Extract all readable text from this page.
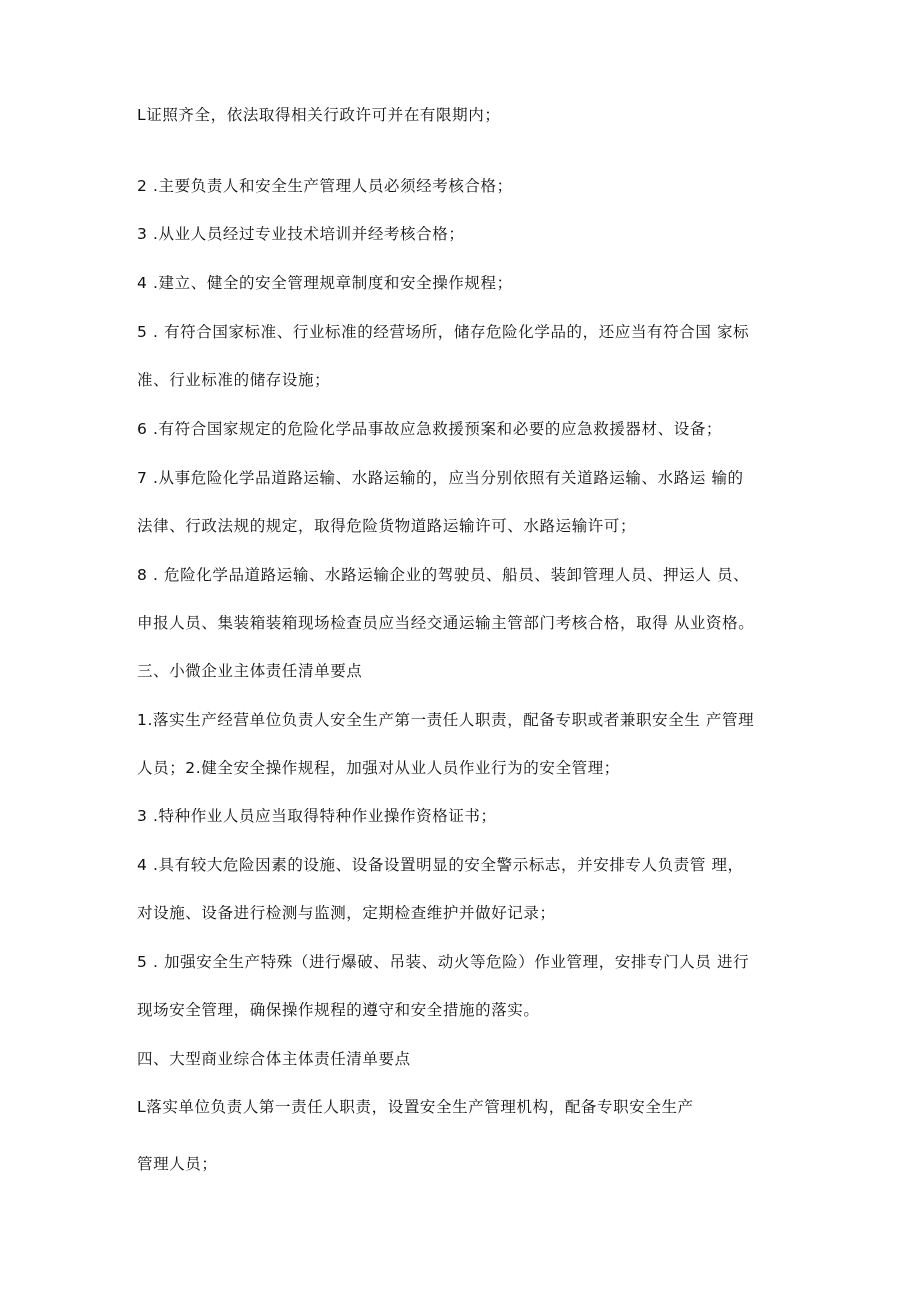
L证照齐全，依法取得相关行政许可并在有限期内；
2 .主要负责人和安全生产管理人员必须经考核合格；
3 .从业人员经过专业技术培训并经考核合格；
4 .建立、健全的安全管理规章制度和安全操作规程；
5 . 有符合国家标准、行业标准的经营场所，储存危险化学品的，还应当有符合国 家标
准、行业标准的储存设施；
6 .有符合国家规定的危险化学品事故应急救援预案和必要的应急救援器材、设备；
7 .从事危险化学品道路运输、水路运输的，应当分别依照有关道路运输、水路运 输的
法律、行政法规的规定，取得危险货物道路运输许可、水路运输许可；
8 . 危险化学品道路运输、水路运输企业的驾驶员、船员、装卸管理人员、押运人 员、
申报人员、集装箱装箱现场检查员应当经交通运输主管部门考核合格，取得 从业资格。
三、小微企业主体责任清单要点
1.落实生产经营单位负责人安全生产第一责任人职责，配备专职或者兼职安全生 产管理
人员；2.健全安全操作规程，加强对从业人员作业行为的安全管理；
3 .特种作业人员应当取得特种作业操作资格证书；
4 .具有较大危险因素的设施、设备设置明显的安全警示标志，并安排专人负责管 理，
对设施、设备进行检测与监测，定期检查维护并做好记录；
5 . 加强安全生产特殊（进行爆破、吊装、动火等危险）作业管理，安排专门人员 进行
现场安全管理，确保操作规程的遵守和安全措施的落实。
四、大型商业综合体主体责任清单要点
L落实单位负责人第一责任人职责，设置安全生产管理机构，配备专职安全生产
管理人员；
